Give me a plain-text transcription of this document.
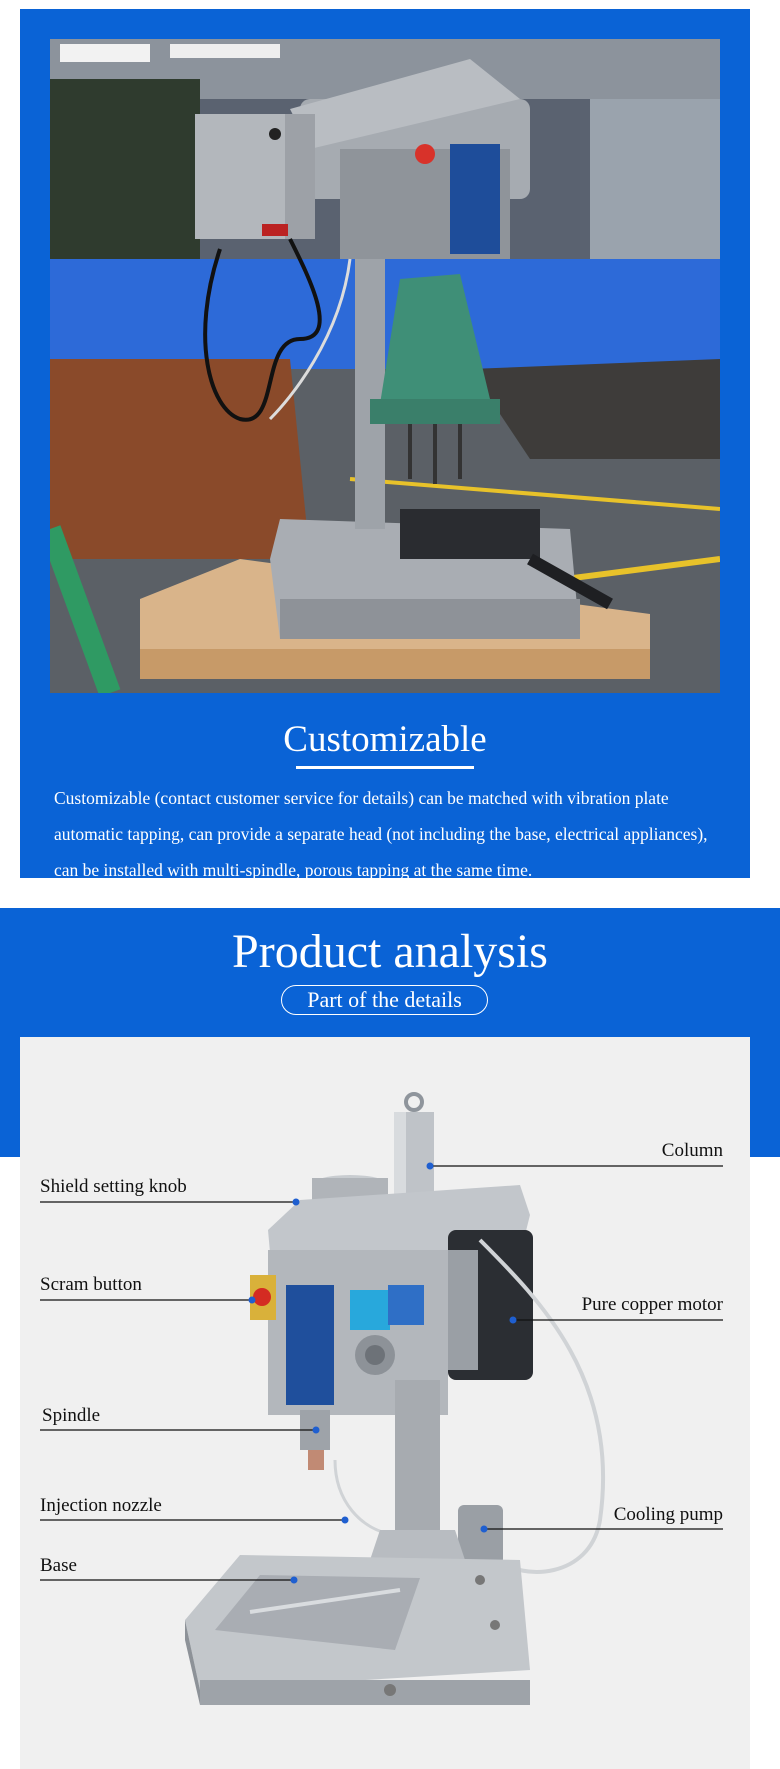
Customizable

Customizable (contact customer service for details) can be matched with vibration plate automatic tapping, can provide a separate head (not including the base, electrical appliances), can be installed with multi-spindle, porous tapping at the same time.

Product analysis
Part of the details
Column
Shield setting knob
Scram button
Pure copper motor
Spindle
Injection nozzle	Cooling pump
Base
